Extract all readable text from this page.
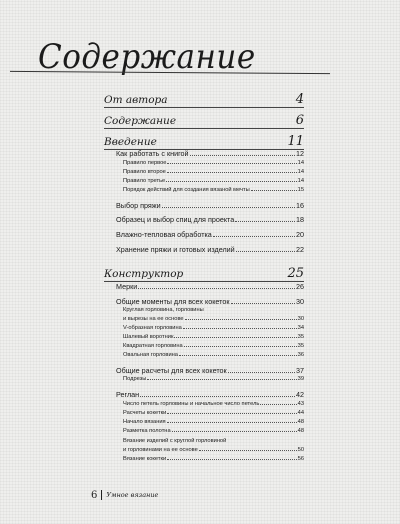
Содержание
От автора	4
Содержание	6
Введение	11
Как работать с книгой	12
Правило первое	14
Правило второе	14
Правило третье	14
Порядок действий для создания вязаной мечты	15
Выбор пряжи	16
Образец и выбор спиц для проекта	18
Влажно-тепловая обработка	20
Хранение пряжи и готовых изделий	22
Конструктор	25
Мерки	26
Общие моменты для всех кокеток	30
Круглая горловина, горловины
и вырезы на ее основе	30
V-образная горловина	34
Шалевый воротник	35
Квадратная горловина	35
Овальная горловина	36
Общие расчеты для всех кокеток	37
Подрезы	39
Реглан	42
Число петель горловины и начальное число петель	43
Расчеты кокетки	44
Начало вязания	48
Разметка полотна	48
Вязание изделий с круглой горловиной
и горловинами на ее основе	50
Вязание кокетки	56
6 Умное вязание
